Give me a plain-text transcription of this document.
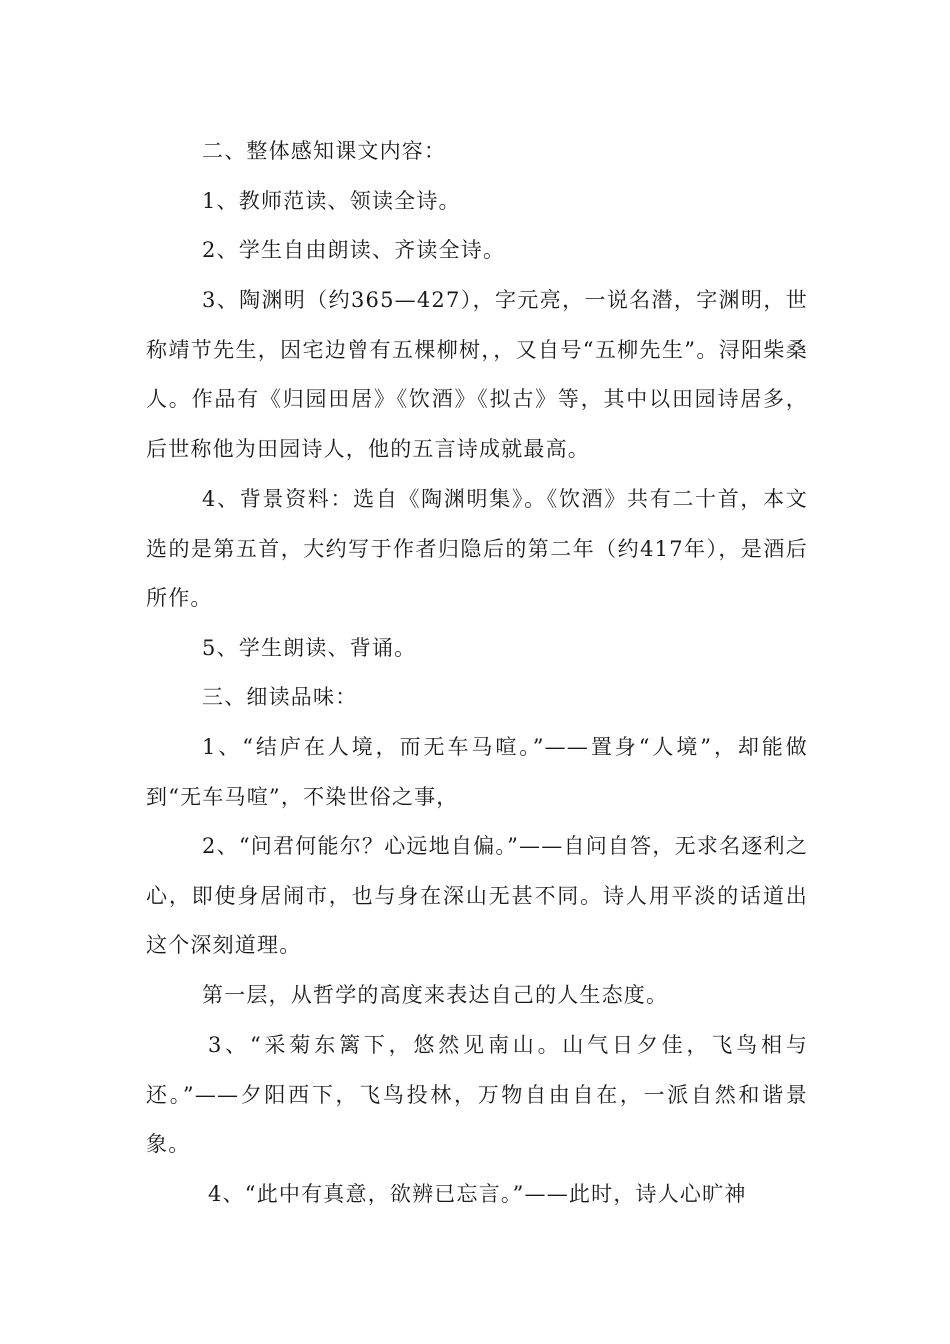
二、整体感知课文内容：

1、教师范读、领读全诗。

2、学生自由朗读、齐读全诗。

3、陶渊明（约365—427），字元亮，一说名潜，字渊明，世称靖节先生，因宅边曾有五棵柳树，，又自号“五柳先生”。浔阳柴桑人。作品有《归园田居》《饮酒》《拟古》等，其中以田园诗居多，后世称他为田园诗人，他的五言诗成就最高。

4、背景资料：选自《陶渊明集》。《饮酒》共有二十首，本文选的是第五首，大约写于作者归隐后的第二年（约417年），是酒后所作。

5、学生朗读、背诵。

三、细读品味：

1、“结庐在人境，而无车马喧。”——置身“人境”，却能做到“无车马喧”，不染世俗之事，

2、“问君何能尔？心远地自偏。”——自问自答，无求名逐利之心，即使身居闹市，也与身在深山无甚不同。诗人用平淡的话道出这个深刻道理。

第一层，从哲学的高度来表达自己的人生态度。

3、“采菊东篱下，悠然见南山。山气日夕佳，飞鸟相与还。”——夕阳西下，飞鸟投林，万物自由自在，一派自然和谐景象。

4、“此中有真意，欲辨已忘言。”——此时，诗人心旷神
